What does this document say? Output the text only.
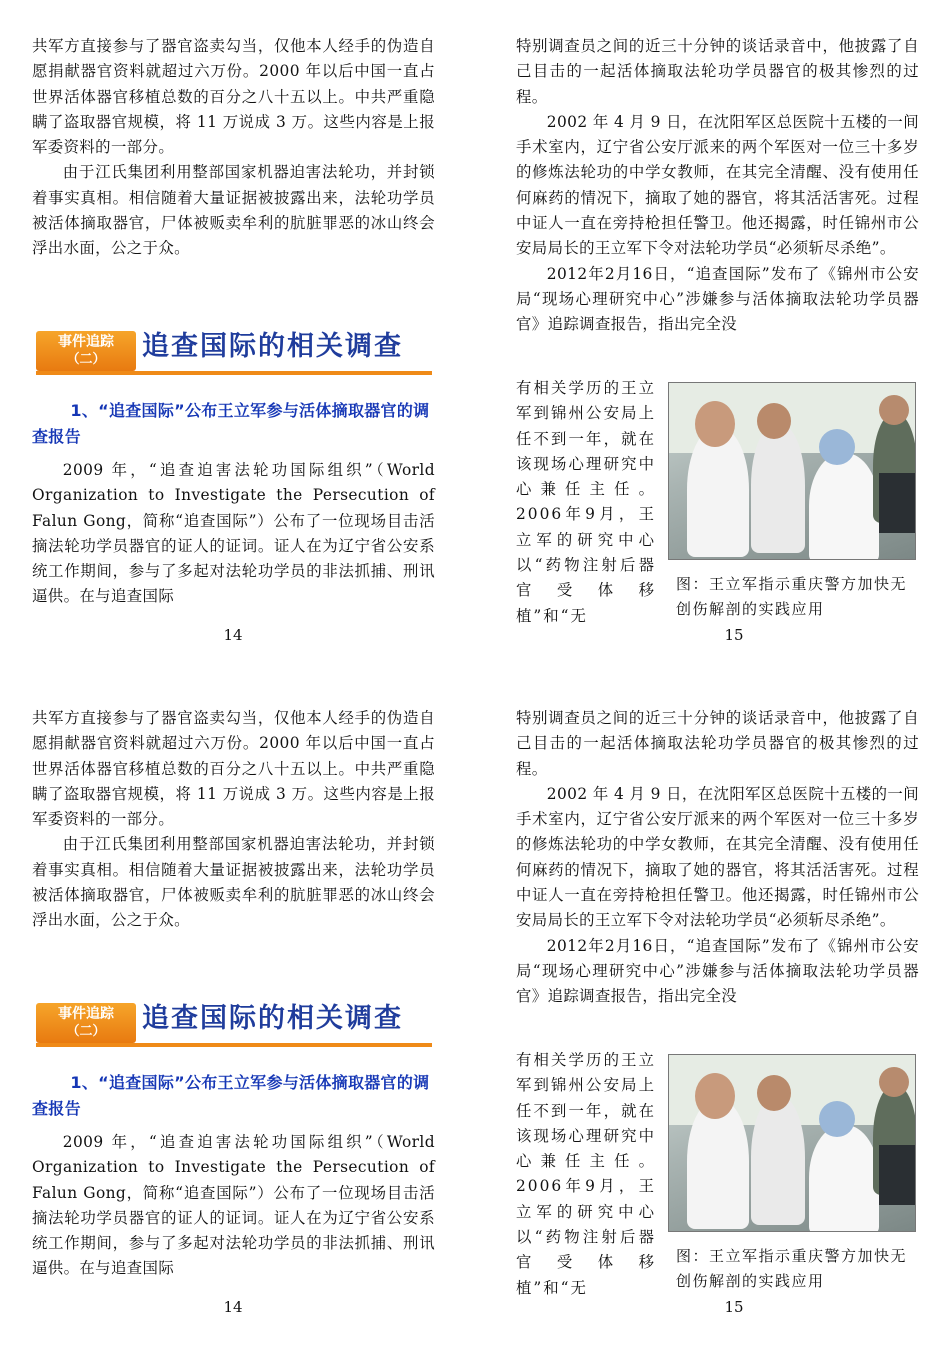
共军方直接参与了器官盗卖勾当，仅他本人经手的伪造自愿捐献器官资料就超过六万份。2000 年以后中国一直占世界活体器官移植总数的百分之八十五以上。中共严重隐瞒了盗取器官规模，将 11 万说成 3 万。这些内容是上报军委资料的一部分。

由于江氏集团利用整部国家机器迫害法轮功，并封锁着事实真相。相信随着大量证据被披露出来，法轮功学员被活体摘取器官，尸体被贩卖牟利的肮脏罪恶的冰山终会浮出水面，公之于众。

事件追踪
（二）	追查国际的相关调查

1、“追查国际”公布王立军参与活体摘取器官的调查报告

2009 年，“追查迫害法轮功国际组织”（World Organization to Investigate the Persecution of Falun Gong，简称“追查国际”）公布了一位现场目击活摘法轮功学员器官的证人的证词。证人在为辽宁省公安系统工作期间，参与了多起对法轮功学员的非法抓捕、刑讯逼供。在与追查国际

14

特别调查员之间的近三十分钟的谈话录音中，他披露了自己目击的一起活体摘取法轮功学员器官的极其惨烈的过程。

2002 年 4 月 9 日，在沈阳军区总医院十五楼的一间手术室内，辽宁省公安厅派来的两个军医对一位三十多岁的修炼法轮功的中学女教师，在其完全清醒、没有使用任何麻药的情况下，摘取了她的器官，将其活活害死。过程中证人一直在旁持枪担任警卫。他还揭露，时任锦州市公安局局长的王立军下令对法轮功学员“必须斩尽杀绝”。

2012年2月16日，“追查国际”发布了《锦州市公安局“现场心理研究中心”涉嫌参与活体摘取法轮功学员器官》追踪调查报告，指出完全没

有相关学历的王立军到锦州公安局上任不到一年，就在该现场心理研究中心兼任主任。2006年9月，王立军的研究中心以“药物注射后器官受体移植”和“无

图：王立军指示重庆警方加快无创伤解剖的实践应用

15

共军方直接参与了器官盗卖勾当，仅他本人经手的伪造自愿捐献器官资料就超过六万份。2000 年以后中国一直占世界活体器官移植总数的百分之八十五以上。中共严重隐瞒了盗取器官规模，将 11 万说成 3 万。这些内容是上报军委资料的一部分。

由于江氏集团利用整部国家机器迫害法轮功，并封锁着事实真相。相信随着大量证据被披露出来，法轮功学员被活体摘取器官，尸体被贩卖牟利的肮脏罪恶的冰山终会浮出水面，公之于众。

事件追踪
（二）	追查国际的相关调查

1、“追查国际”公布王立军参与活体摘取器官的调查报告

2009 年，“追查迫害法轮功国际组织”（World Organization to Investigate the Persecution of Falun Gong，简称“追查国际”）公布了一位现场目击活摘法轮功学员器官的证人的证词。证人在为辽宁省公安系统工作期间，参与了多起对法轮功学员的非法抓捕、刑讯逼供。在与追查国际

14

特别调查员之间的近三十分钟的谈话录音中，他披露了自己目击的一起活体摘取法轮功学员器官的极其惨烈的过程。

2002 年 4 月 9 日，在沈阳军区总医院十五楼的一间手术室内，辽宁省公安厅派来的两个军医对一位三十多岁的修炼法轮功的中学女教师，在其完全清醒、没有使用任何麻药的情况下，摘取了她的器官，将其活活害死。过程中证人一直在旁持枪担任警卫。他还揭露，时任锦州市公安局局长的王立军下令对法轮功学员“必须斩尽杀绝”。

2012年2月16日，“追查国际”发布了《锦州市公安局“现场心理研究中心”涉嫌参与活体摘取法轮功学员器官》追踪调查报告，指出完全没

有相关学历的王立军到锦州公安局上任不到一年，就在该现场心理研究中心兼任主任。2006年9月，王立军的研究中心以“药物注射后器官受体移植”和“无

图：王立军指示重庆警方加快无创伤解剖的实践应用

15
